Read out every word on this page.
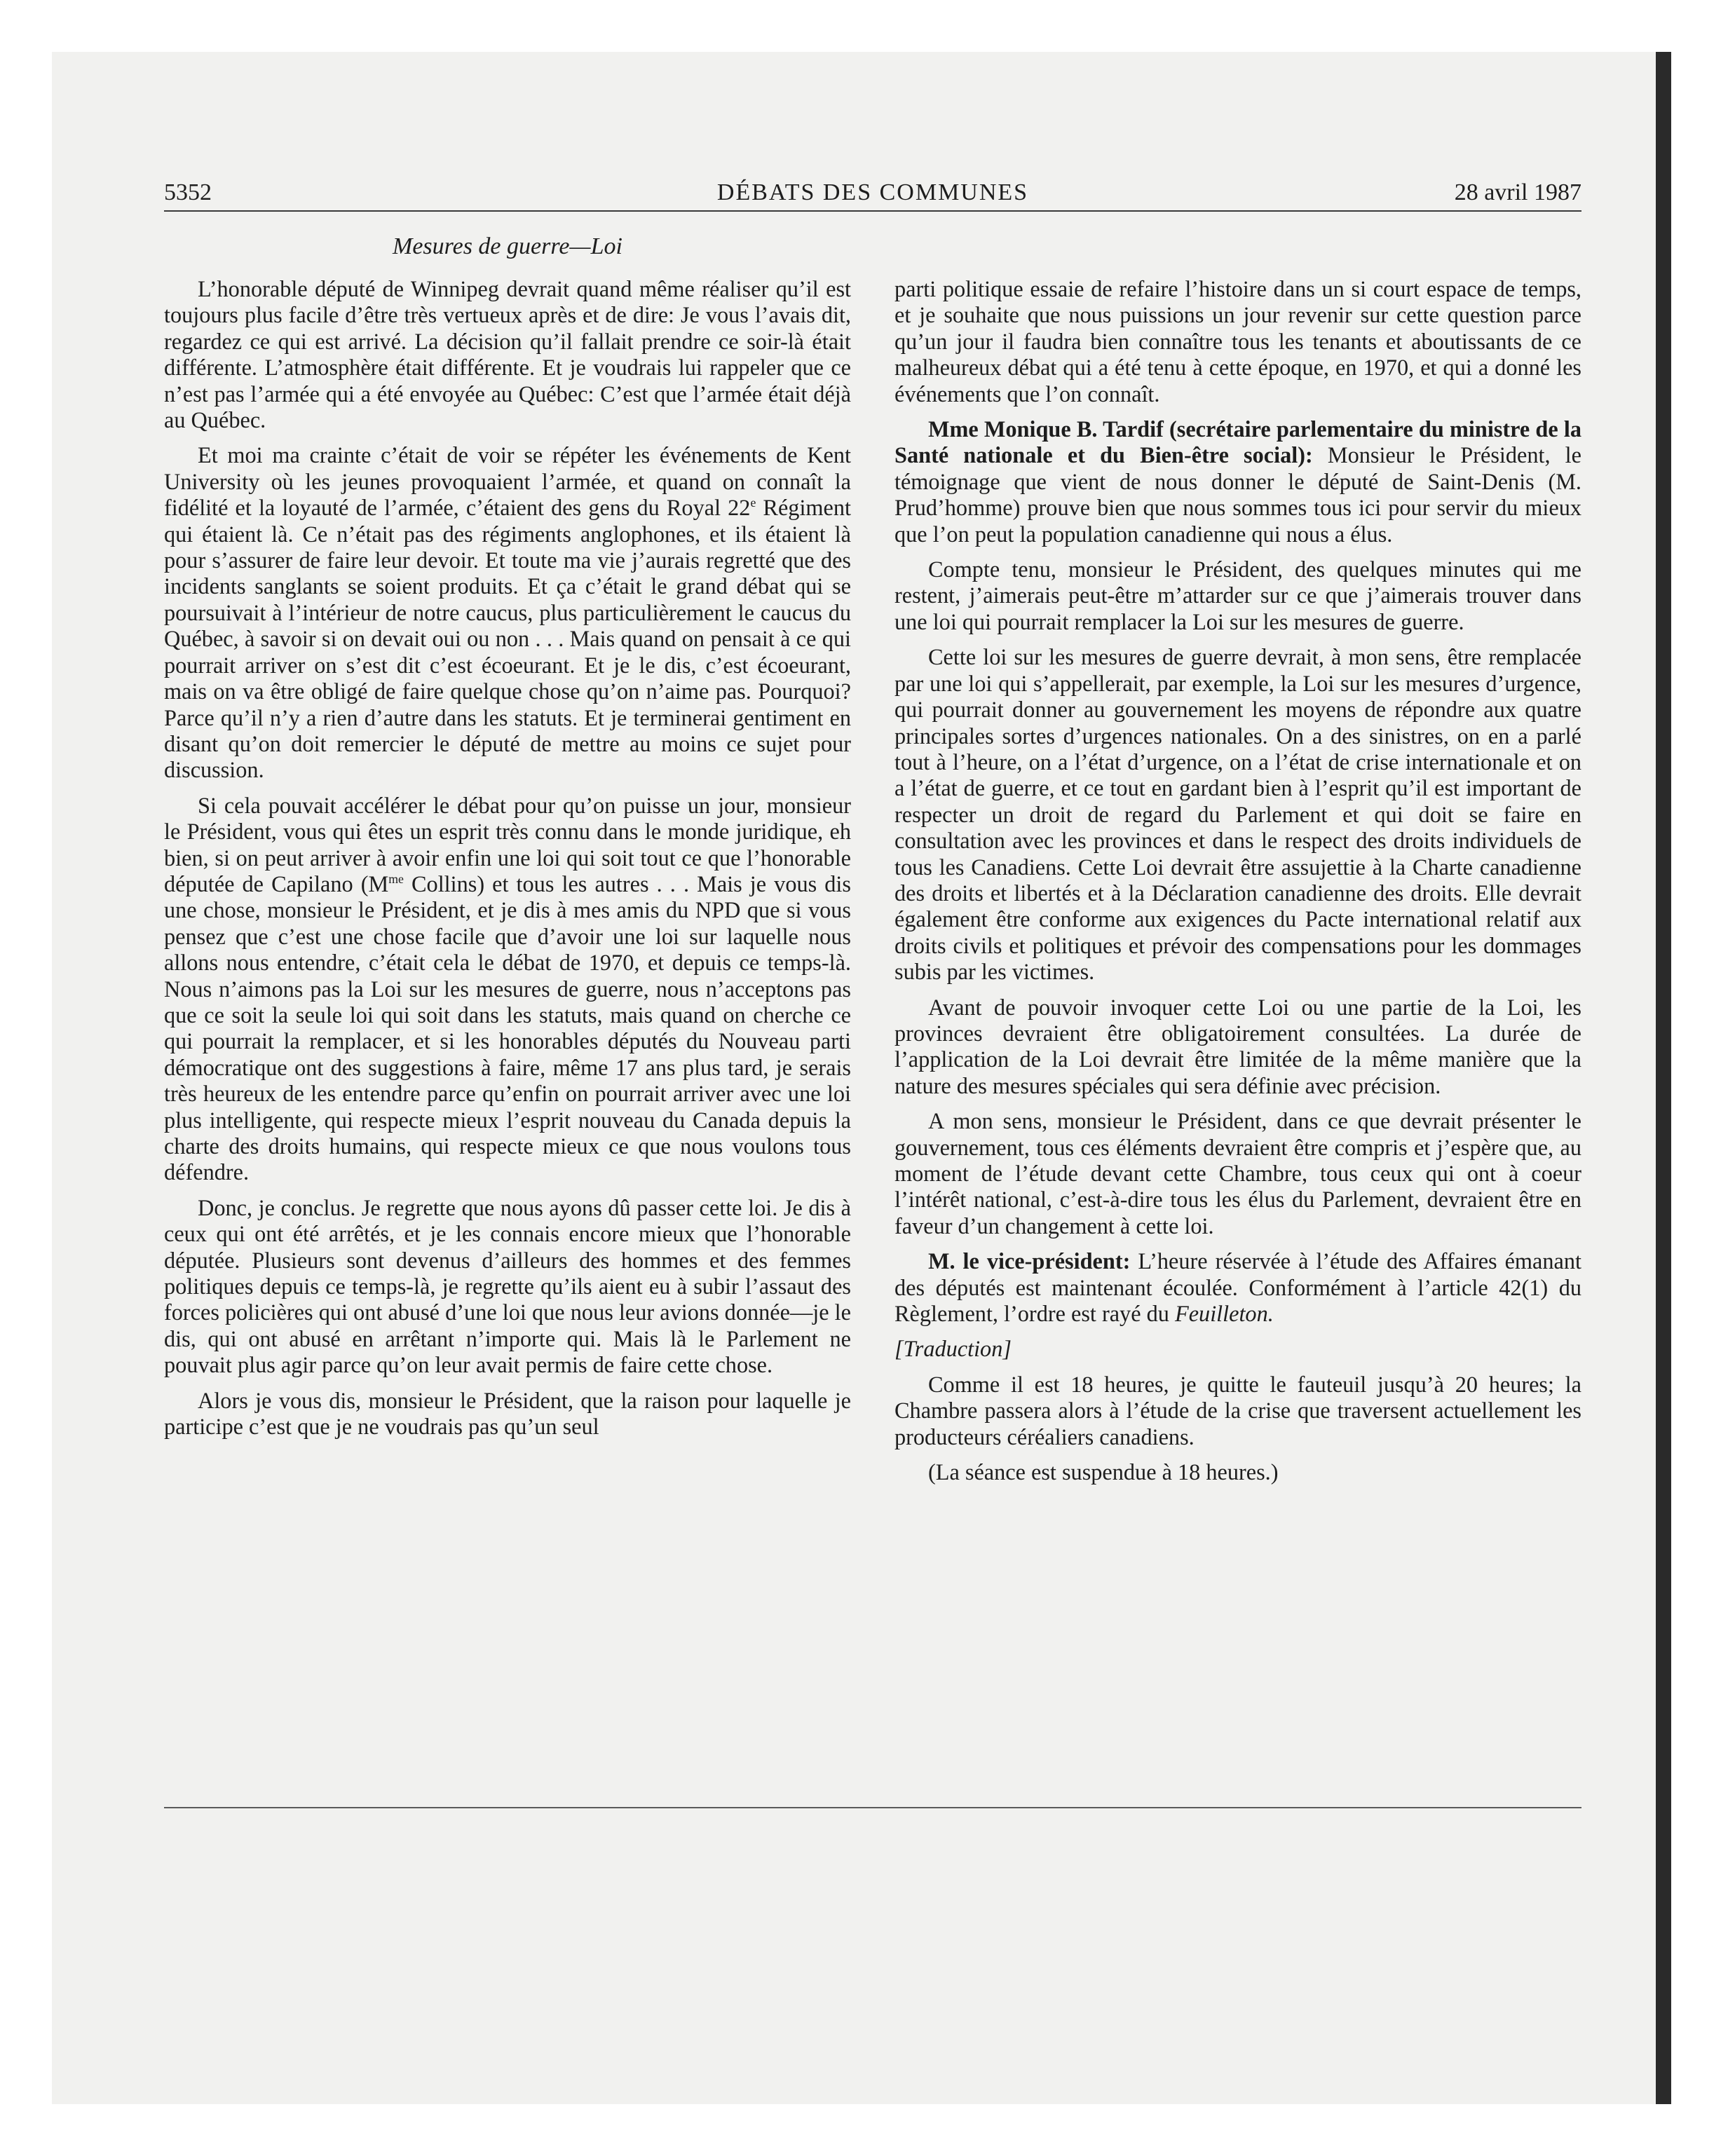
5352	DÉBATS DES COMMUNES	28 avril 1987
Mesures de guerre—Loi

L’honorable député de Winnipeg devrait quand même réaliser qu’il est toujours plus facile d’être très vertueux après et de dire: Je vous l’avais dit, regardez ce qui est arrivé. La décision qu’il fallait prendre ce soir-là était différente. L’atmosphère était différente. Et je voudrais lui rappeler que ce n’est pas l’armée qui a été envoyée au Québec: C’est que l’armée était déjà au Québec.

Et moi ma crainte c’était de voir se répéter les événements de Kent University où les jeunes provoquaient l’armée, et quand on connaît la fidélité et la loyauté de l’armée, c’étaient des gens du Royal 22e Régiment qui étaient là. Ce n’était pas des régiments anglophones, et ils étaient là pour s’assurer de faire leur devoir. Et toute ma vie j’aurais regretté que des incidents sanglants se soient produits. Et ça c’était le grand débat qui se poursuivait à l’intérieur de notre caucus, plus particulièrement le caucus du Québec, à savoir si on devait oui ou non . . . Mais quand on pensait à ce qui pourrait arriver on s’est dit c’est écoeurant. Et je le dis, c’est écoeurant, mais on va être obligé de faire quelque chose qu’on n’aime pas. Pourquoi? Parce qu’il n’y a rien d’autre dans les statuts. Et je terminerai gentiment en disant qu’on doit remercier le député de mettre au moins ce sujet pour discussion.

Si cela pouvait accélérer le débat pour qu’on puisse un jour, monsieur le Président, vous qui êtes un esprit très connu dans le monde juridique, eh bien, si on peut arriver à avoir enfin une loi qui soit tout ce que l’honorable députée de Capilano ($M^{me}$ Collins) et tous les autres . . . Mais je vous dis une chose, monsieur le Président, et je dis à mes amis du NPD que si vous pensez que c’est une chose facile que d’avoir une loi sur laquelle nous allons nous entendre, c’était cela le débat de 1970, et depuis ce temps-là. Nous n’aimons pas la Loi sur les mesures de guerre, nous n’acceptons pas que ce soit la seule loi qui soit dans les statuts, mais quand on cherche ce qui pourrait la remplacer, et si les honorables députés du Nouveau parti démocratique ont des suggestions à faire, même 17 ans plus tard, je serais très heureux de les entendre parce qu’enfin on pourrait arriver avec une loi plus intelligente, qui respecte mieux l’esprit nouveau du Canada depuis la charte des droits humains, qui respecte mieux ce que nous voulons tous défendre.

Donc, je conclus. Je regrette que nous ayons dû passer cette loi. Je dis à ceux qui ont été arrêtés, et je les connais encore mieux que l’honorable députée. Plusieurs sont devenus d’ailleurs des hommes et des femmes politiques depuis ce temps-là, je regrette qu’ils aient eu à subir l’assaut des forces policières qui ont abusé d’une loi que nous leur avions donnée—je le dis, qui ont abusé en arrêtant n’importe qui. Mais là le Parlement ne pouvait plus agir parce qu’on leur avait permis de faire cette chose.

Alors je vous dis, monsieur le Président, que la raison pour laquelle je participe c’est que je ne voudrais pas qu’un seul

parti politique essaie de refaire l’histoire dans un si court espace de temps, et je souhaite que nous puissions un jour revenir sur cette question parce qu’un jour il faudra bien connaître tous les tenants et aboutissants de ce malheureux débat qui a été tenu à cette époque, en 1970, et qui a donné les événements que l’on connaît.

Mme Monique B. Tardif (secrétaire parlementaire du ministre de la Santé nationale et du Bien-être social): Monsieur le Président, le témoignage que vient de nous donner le député de Saint-Denis (M. Prud’homme) prouve bien que nous sommes tous ici pour servir du mieux que l’on peut la population canadienne qui nous a élus.

Compte tenu, monsieur le Président, des quelques minutes qui me restent, j’aimerais peut-être m’attarder sur ce que j’aimerais trouver dans une loi qui pourrait remplacer la Loi sur les mesures de guerre.

Cette loi sur les mesures de guerre devrait, à mon sens, être remplacée par une loi qui s’appellerait, par exemple, la Loi sur les mesures d’urgence, qui pourrait donner au gouvernement les moyens de répondre aux quatre principales sortes d’urgences nationales. On a des sinistres, on en a parlé tout à l’heure, on a l’état d’urgence, on a l’état de crise internationale et on a l’état de guerre, et ce tout en gardant bien à l’esprit qu’il est important de respecter un droit de regard du Parlement et qui doit se faire en consultation avec les provinces et dans le respect des droits individuels de tous les Canadiens. Cette Loi devrait être assujettie à la Charte canadienne des droits et libertés et à la Déclaration canadienne des droits. Elle devrait également être conforme aux exigences du Pacte international relatif aux droits civils et politiques et prévoir des compensations pour les dommages subis par les victimes.

Avant de pouvoir invoquer cette Loi ou une partie de la Loi, les provinces devraient être obligatoirement consultées. La durée de l’application de la Loi devrait être limitée de la même manière que la nature des mesures spéciales qui sera définie avec précision.

A mon sens, monsieur le Président, dans ce que devrait présenter le gouvernement, tous ces éléments devraient être compris et j’espère que, au moment de l’étude devant cette Chambre, tous ceux qui ont à coeur l’intérêt national, c’est-à-dire tous les élus du Parlement, devraient être en faveur d’un changement à cette loi.

M. le vice-président: L’heure réservée à l’étude des Affaires émanant des députés est maintenant écoulée. Conformément à l’article 42(1) du Règlement, l’ordre est rayé du Feuilleton.

[Traduction]

Comme il est 18 heures, je quitte le fauteuil jusqu’à 20 heures; la Chambre passera alors à l’étude de la crise que traversent actuellement les producteurs céréaliers canadiens.

(La séance est suspendue à 18 heures.)
